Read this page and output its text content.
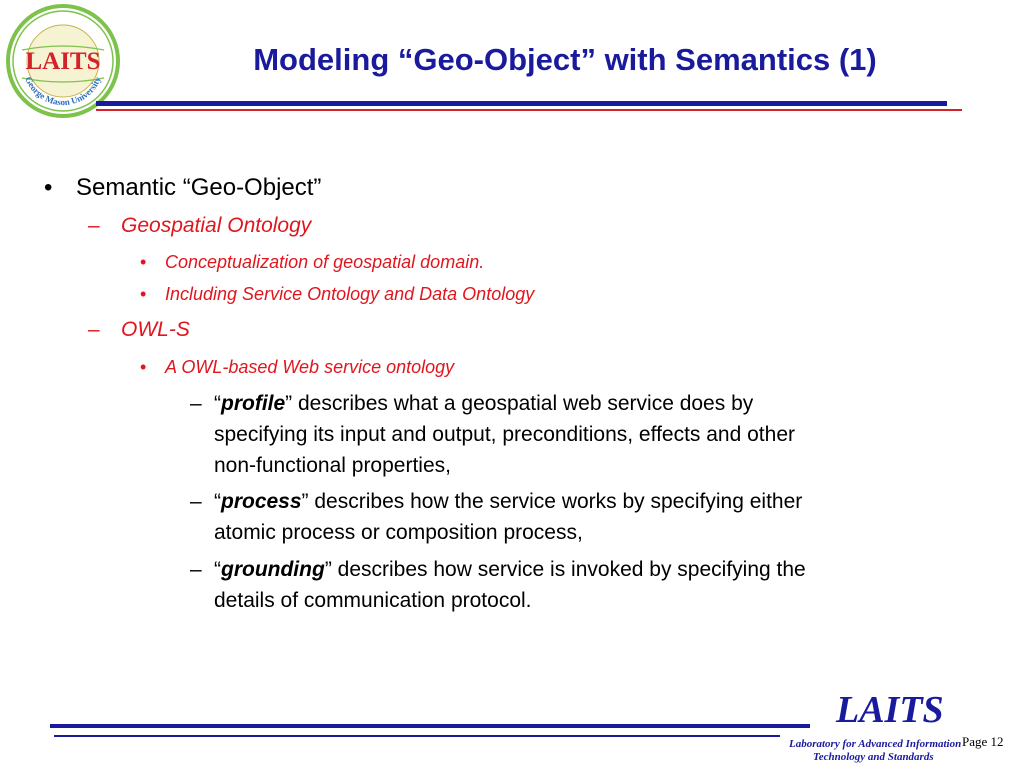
LAITS
George Mason University
Modeling “Geo-Object” with Semantics (1)
• Semantic “Geo-Object”
– Geospatial Ontology
• Conceptualization of geospatial domain.
• Including Service Ontology and Data Ontology
– OWL-S
• A OWL-based Web service ontology
– “profile” describes what a geospatial web service does by
specifying its input and output, preconditions, effects and other
non-functional properties,
– “process” describes how the service works by specifying either
atomic process or composition process,
– “grounding” describes how service is invoked by specifying the
details of communication protocol.
LAITS
Laboratory for Advanced Information
Technology and Standards
Page 12
